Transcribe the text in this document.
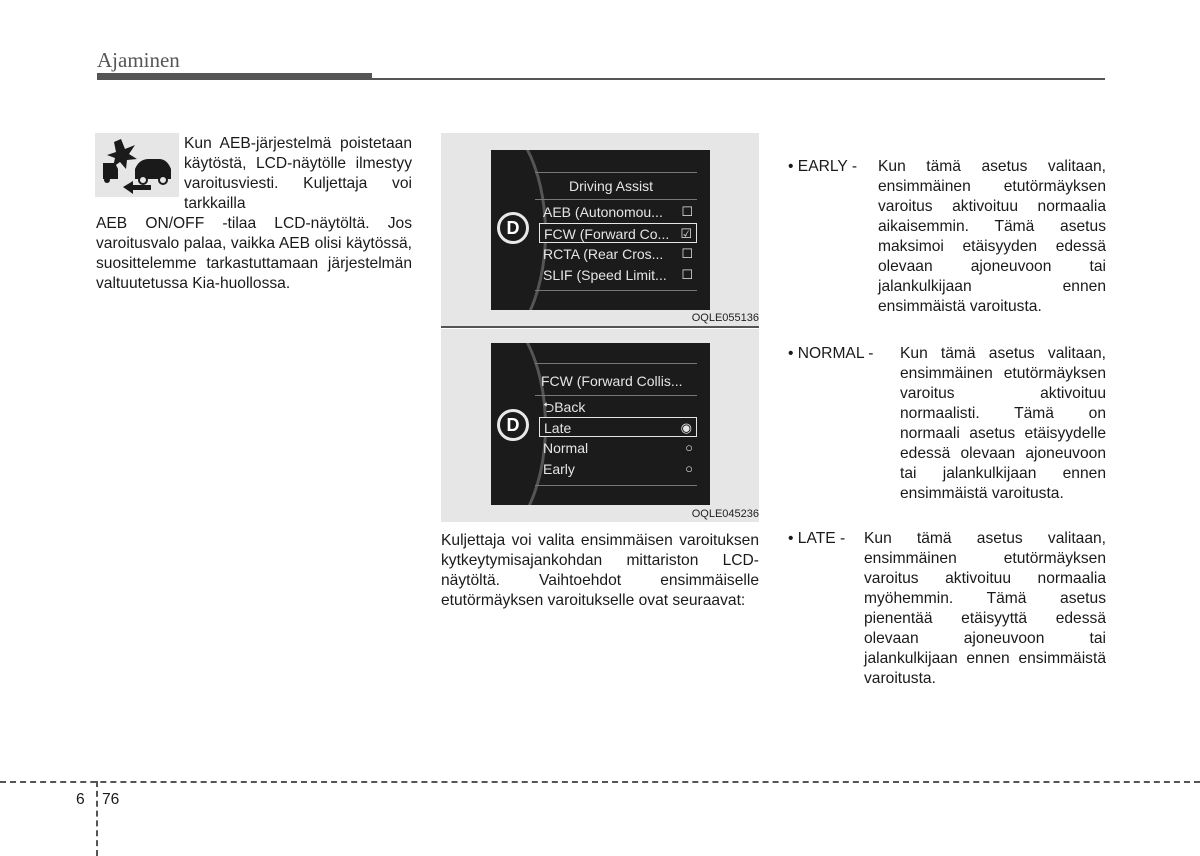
Ajaminen
Kun AEB-järjestelmä poistetaan käytöstä, LCD-näytölle ilmestyy varoitusviesti. Kuljettaja voi tarkkailla
AEB ON/OFF -tilaa LCD-näytöltä. Jos varoitusvalo palaa, vaikka AEB olisi käytössä, suosittelemme tarkastuttamaan järjestelmän valtuutetussa Kia-huollossa.
D
Driving Assist
AEB (Autonomou... ☐
FCW (Forward Co... ☑
RCTA (Rear Cros... ☐
SLIF (Speed Limit... ☐
OQLE055136
D
FCW (Forward Collis...
⮌Back
Late	◉
Normal	○
Early	○
OQLE045236
Kuljettaja voi valita ensimmäisen varoituksen kytkeytymisajankohdan mittariston LCD-näytöltä. Vaihtoehdot ensimmäiselle etutörmäyksen varoitukselle ovat seuraavat:
• EARLY - Kun tämä asetus valitaan, ensimmäinen etutörmäyksen varoitus aktivoituu normaalia aikaisemmin. Tämä asetus maksimoi etäisyyden edessä olevaan ajoneuvoon tai jalankulkijaan ennen ensimmäistä varoitusta.
• NORMAL - Kun tämä asetus valitaan, ensimmäinen etutörmäyksen varoitus aktivoituu normaalisti. Tämä on normaali asetus etäisyydelle edessä olevaan ajoneuvoon tai jalankulkijaan ennen ensimmäistä varoitusta.
• LATE - Kun tämä asetus valitaan, ensimmäinen etutörmäyksen varoitus aktivoituu normaalia myöhemmin. Tämä asetus pienentää etäisyyttä edessä olevaan ajoneuvoon tai jalankulkijaan ennen ensimmäistä varoitusta.
6 76
